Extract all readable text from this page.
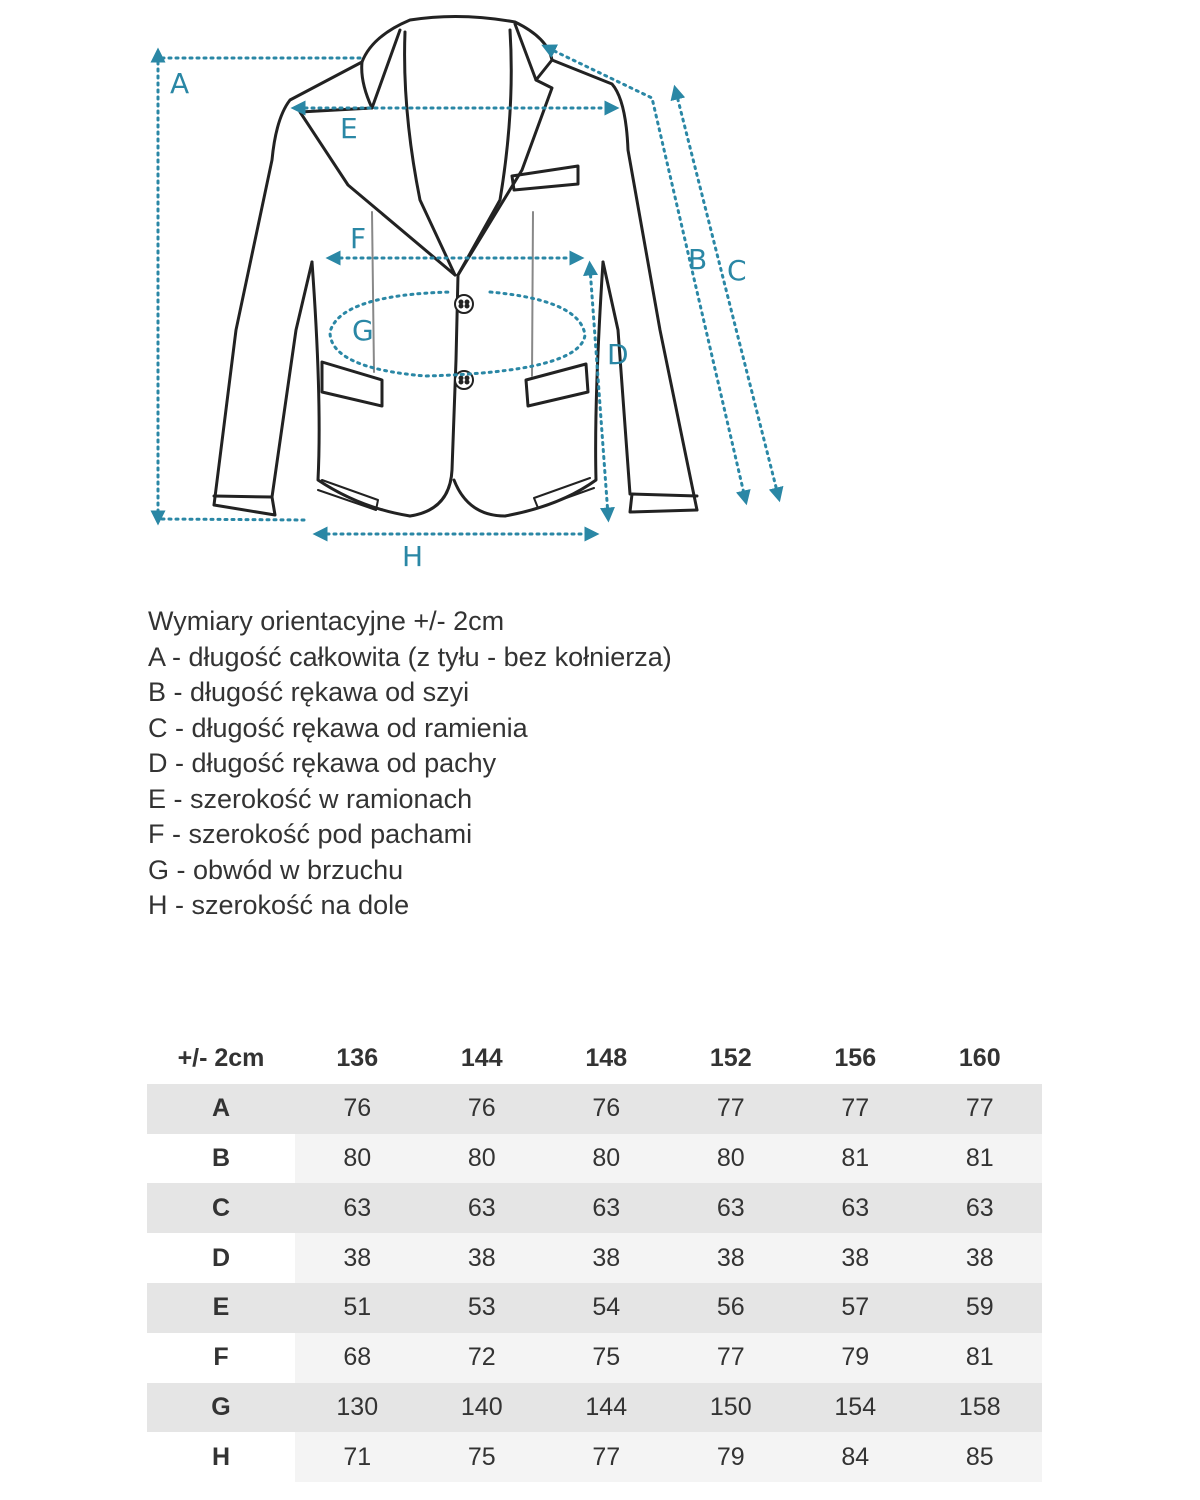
A
E
F
G
D
B C
H
Wymiary orientacyjne +/- 2cm
A - długość całkowita (z tyłu - bez kołnierza)
B - długość rękawa od szyi
C - długość rękawa od ramienia
D - długość rękawa od pachy
E - szerokość w ramionach
F - szerokość pod pachami
G - obwód w brzuchu
H - szerokość na dole
+/- 2cm	136	144	148	152	156	160
A	76	76	76	77	77	77
B	80	80	80	80	81	81
C	63	63	63	63	63	63
D	38	38	38	38	38	38
E	51	53	54	56	57	59
F	68	72	75	77	79	81
G	130	140	144	150	154	158
H	71	75	77	79	84	85
